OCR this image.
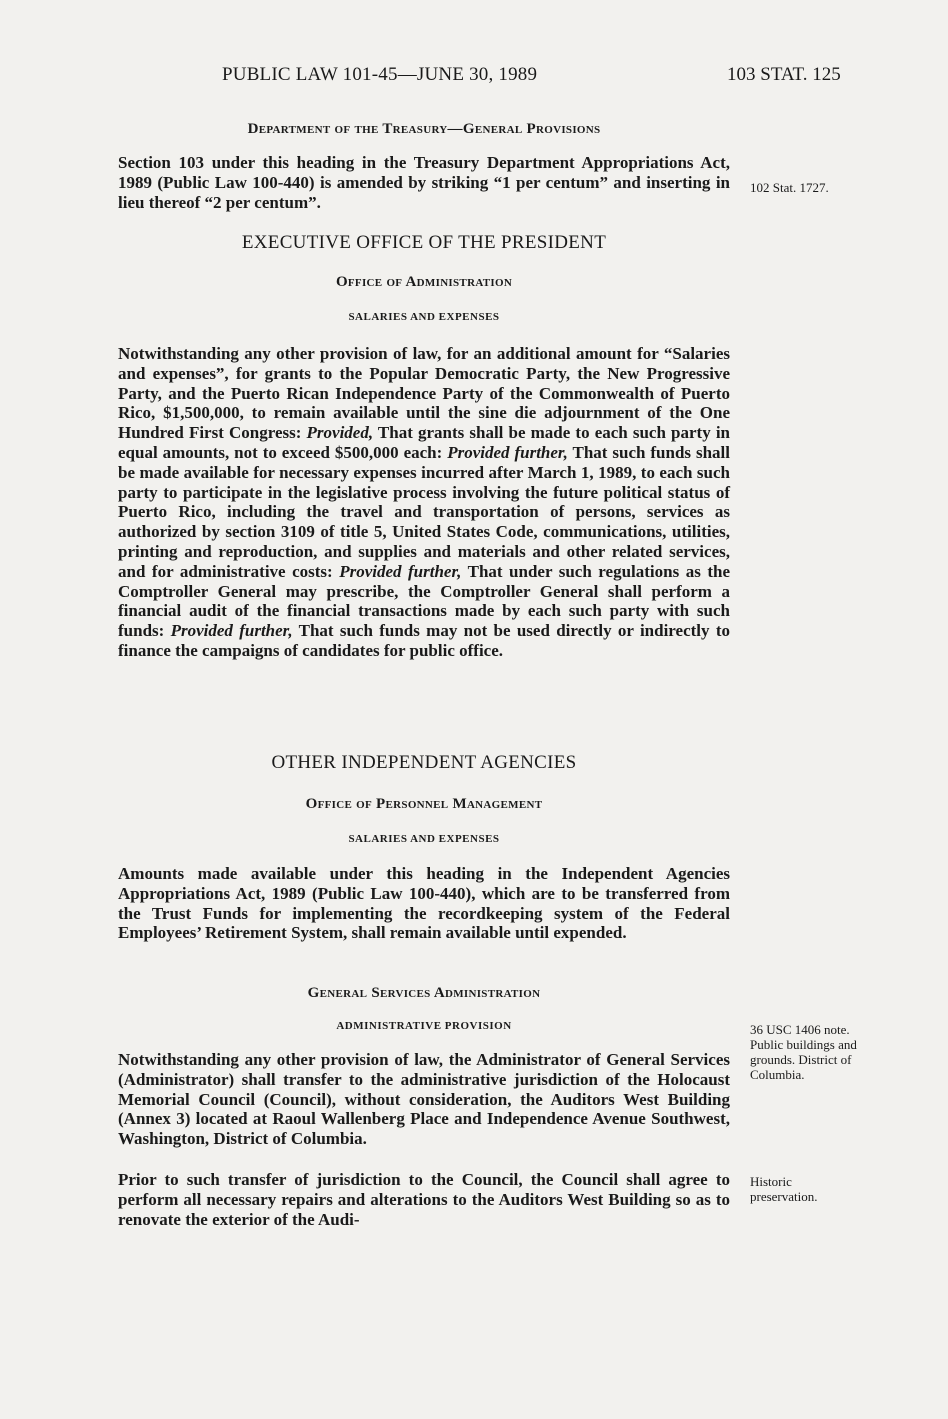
PUBLIC LAW 101-45—JUNE 30, 1989	103 STAT. 125
Department of the Treasury—General Provisions

Section 103 under this heading in the Treasury Department Appropriations Act, 1989 (Public Law 100-440) is amended by striking “1 per centum” and inserting in lieu thereof “2 per centum”.

102 Stat. 1727.
EXECUTIVE OFFICE OF THE PRESIDENT
Office of Administration
SALARIES AND EXPENSES

Notwithstanding any other provision of law, for an additional amount for “Salaries and expenses”, for grants to the Popular Democratic Party, the New Progressive Party, and the Puerto Rican Independence Party of the Commonwealth of Puerto Rico, $1,500,000, to remain available until the sine die adjournment of the One Hundred First Congress: Provided, That grants shall be made to each such party in equal amounts, not to exceed $500,000 each: Provided further, That such funds shall be made available for necessary expenses incurred after March 1, 1989, to each such party to participate in the legislative process involving the future political status of Puerto Rico, including the travel and transportation of persons, services as authorized by section 3109 of title 5, United States Code, communications, utilities, printing and reproduction, and supplies and materials and other related services, and for administrative costs: Provided further, That under such regulations as the Comptroller General may prescribe, the Comptroller General shall perform a financial audit of the financial transactions made by each such party with such funds: Provided further, That such funds may not be used directly or indirectly to finance the campaigns of candidates for public office.

OTHER INDEPENDENT AGENCIES
Office of Personnel Management
SALARIES AND EXPENSES

Amounts made available under this heading in the Independent Agencies Appropriations Act, 1989 (Public Law 100-440), which are to be transferred from the Trust Funds for implementing the recordkeeping system of the Federal Employees’ Retirement System, shall remain available until expended.

General Services Administration
ADMINISTRATIVE PROVISION

Notwithstanding any other provision of law, the Administrator of General Services (Administrator) shall transfer to the administrative jurisdiction of the Holocaust Memorial Council (Council), without consideration, the Auditors West Building (Annex 3) located at Raoul Wallenberg Place and Independence Avenue Southwest, Washington, District of Columbia.

Prior to such transfer of jurisdiction to the Council, the Council shall agree to perform all necessary repairs and alterations to the Auditors West Building so as to renovate the exterior of the Audi-

36 USC 1406 note. Public buildings and grounds. District of Columbia.
Historic preservation.
